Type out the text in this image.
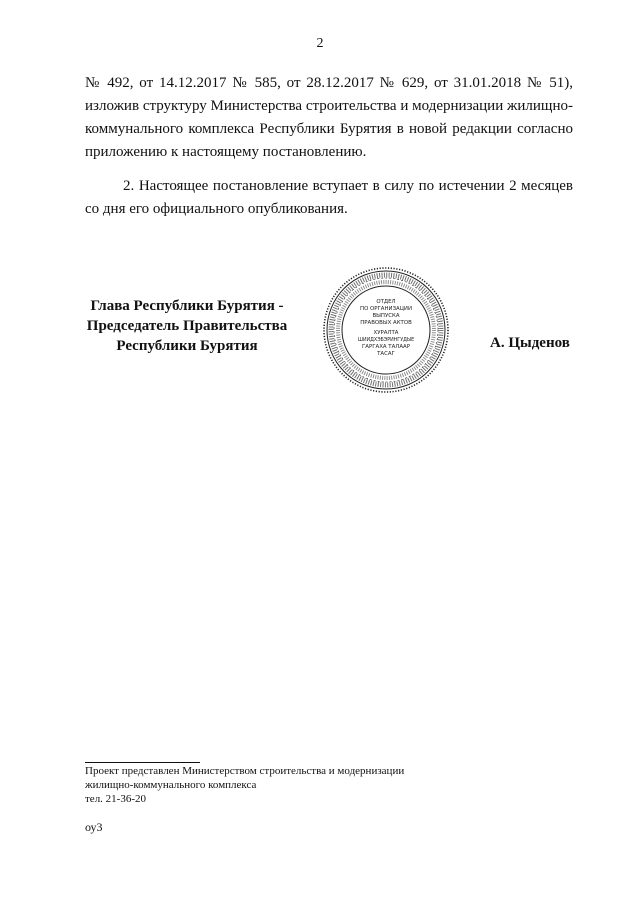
2
№ 492, от 14.12.2017 № 585, от 28.12.2017 № 629, от 31.01.2018 № 51), изложив структуру Министерства строительства и модернизации жилищно-коммунального комплекса Республики Бурятия в новой редакции согласно приложению к настоящему постановлению.
2. Настоящее постановление вступает в силу по истечении 2 месяцев со дня его официального опубликования.
Глава Республики Бурятия -
Председатель Правительства
Республики Бурятия
ОТДЕЛ
ПО ОРГАНИЗАЦИИ
ВЫПУСКА
ПРАВОВЫХ АКТОВ
ХУРАЛТА
ШИИДХЭБЭРИНГУДЫЕ
ГАРГАХА ТАЛААР
ТАСАГ
А. Цыденов
Проект представлен Министерством строительства и модернизации
жилищно-коммунального комплекса
тел. 21-36-20
оу3
